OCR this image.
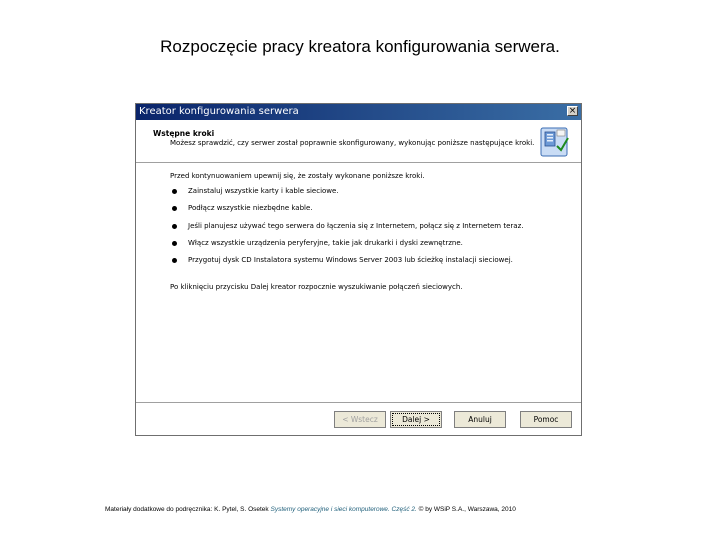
Rozpoczęcie pracy kreatora konfigurowania serwera.
Kreator konfigurowania serwera	×
Wstępne kroki
Możesz sprawdzić, czy serwer został poprawnie skonfigurowany, wykonując poniższe następujące kroki.
Przed kontynuowaniem upewnij się, że zostały wykonane poniższe kroki.
Zainstaluj wszystkie karty i kable sieciowe.
Podłącz wszystkie niezbędne kable.
Jeśli planujesz używać tego serwera do łączenia się z Internetem, połącz się z Internetem teraz.
Włącz wszystkie urządzenia peryferyjne, takie jak drukarki i dyski zewnętrzne.
Przygotuj dysk CD Instalatora systemu Windows Server 2003 lub ścieżkę instalacji sieciowej.
Po kliknięciu przycisku Dalej kreator rozpocznie wyszukiwanie połączeń sieciowych.
< Wstecz	Dalej >	Anuluj	Pomoc
Materiały dodatkowe do podręcznika: K. Pytel, S. Osetek Systemy operacyjne i sieci komputerowe. Część 2. © by WSiP S.A., Warszawa, 2010
